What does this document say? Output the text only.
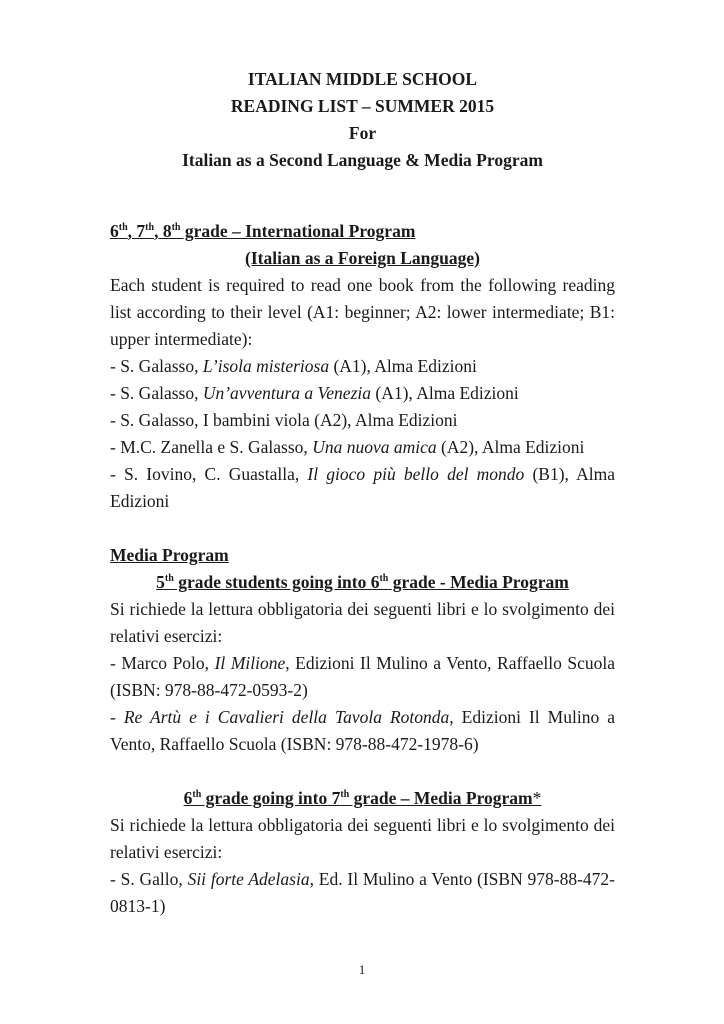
ITALIAN MIDDLE SCHOOL

READING LIST – SUMMER 2015

For

Italian as a Second Language & Media Program

6th, 7th, 8th grade – International Program
(Italian as a Foreign Language)

Each student is required to read one book from the following reading list according to their level (A1: beginner; A2: lower intermediate; B1: upper intermediate):

- S. Galasso, L’isola misteriosa (A1), Alma Edizioni
- S. Galasso, Un’avventura a Venezia (A1), Alma Edizioni
- S. Galasso, I bambini viola (A2), Alma Edizioni
- M.C. Zanella e S. Galasso, Una nuova amica (A2), Alma Edizioni
- S. Iovino, C. Guastalla, Il gioco più bello del mondo (B1), Alma Edizioni
Media Program
5th grade students going into 6th grade - Media Program

Si richiede la lettura obbligatoria dei seguenti libri e lo svolgimento dei relativi esercizi:

- Marco Polo, Il Milione, Edizioni Il Mulino a Vento, Raffaello Scuola (ISBN: 978-88-472-0593-2)
- Re Artù e i Cavalieri della Tavola Rotonda, Edizioni Il Mulino a Vento, Raffaello Scuola (ISBN: 978-88-472-1978-6)
6th grade going into 7th grade – Media Program*

Si richiede la lettura obbligatoria dei seguenti libri e lo svolgimento dei relativi esercizi:

- S. Gallo, Sii forte Adelasia, Ed. Il Mulino a Vento (ISBN 978-88-472-0813-1)
1
